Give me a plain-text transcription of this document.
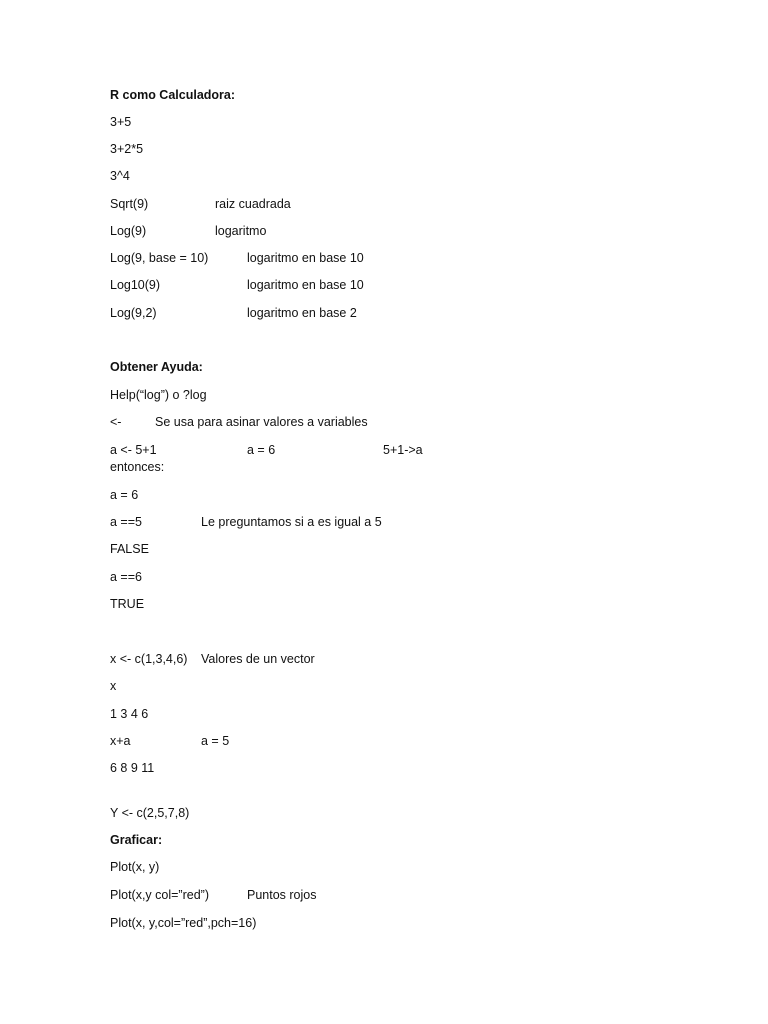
R como Calculadora:
3+5
3+2*5
3^4
Sqrt(9)	raiz cuadrada
Log(9)	logaritmo
Log(9, base = 10)	logaritmo en base 10
Log10(9)	logaritmo en base 10
Log(9,2)	logaritmo en base 2
Obtener Ayuda:
Help(“log”) o ?log
<-	Se usa para asinar valores a variables
a <- 5+1	a = 6	5+1->a
entonces:
a = 6
a ==5	Le preguntamos si a es igual a 5
FALSE
a ==6
TRUE
x <- c(1,3,4,6) Valores de un vector
x
1 3 4 6
x+a	a = 5
6 8 9 11
Y <- c(2,5,7,8)
Graficar:
Plot(x, y)
Plot(x,y col=”red”)	Puntos rojos
Plot(x, y,col=”red”,pch=16)
